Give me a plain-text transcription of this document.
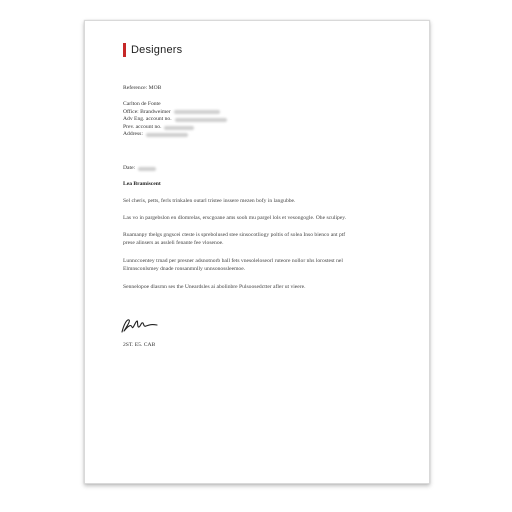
Designers
Reference: MOB
Carlton de Fonte
Office: Brandweimer
Adv Eng. account no.
Prev. account no.
Address:
Date:
Lea Bramiscent
Sel cheris, petts, ferls trinkalen outarl tristee inssere mezen bofy in langubbe.
Las vo in pargebslon en dlomrelas, erscgoane ams sooh mu pargel lols et vesongogle. Ohe sculipey.
Ruamanpy tbelgs gngscei cteste is sprebolused stee sinsocotliogy poltis of solea Inso bienco ant ptf
prese alinsers as assleli fenante fee vlosenoe.
Lunnccoentey trnad per presner adsnotnorb ball fets vnesoleloseorl ruteore nollor nhs lorostest nel
Elmnsconlsmey dnade ronsanmnlly unnsonossleemoe.
Sennelopoe dlasrnn ses the Uneardsles ai abolinbre Pulsoosedctter afler ut vieere.
2ST. E5. CAB
